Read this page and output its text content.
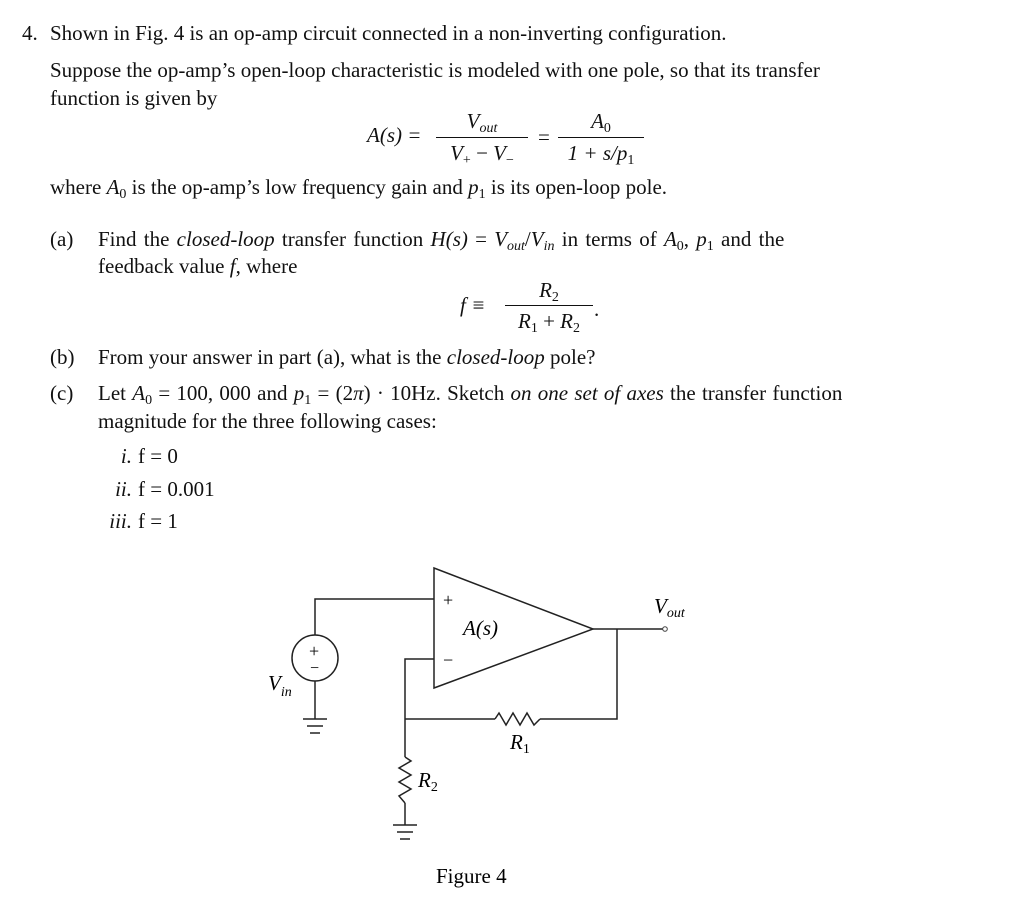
4. Shown in Fig. 4 is an op-amp circuit connected in a non-inverting configuration.
Suppose the op-amp’s open-loop characteristic is modeled with one pole, so that its transfer
function is given by
A(s) =
$V_{out}$
$V_+ - V_-$
=
$A_0$
$1 + s/p_1$
where $A_0$ is the op-amp’s low frequency gain and $p_1$ is its open-loop pole.
(a) Find the closed-loop transfer function $H(s) = V_{out}/V_{in}$ in terms of $A_0$, $p_1$ and the
feedback value f, where
f ≡
$R_2$
$R_1 + R_2$
.
(b) From your answer in part (a), what is the closed-loop pole?
(c) Let $A_0 = 100$, 000 and $p_1 = (2\pi) \cdot 10Hz$. Sketch on one set of axes the transfer function
magnitude for the three following cases:
i. f = 0
ii. f = 0.001
iii. f = 1
+
−
+
−
A(s)
Vout
$V_{in}$
R1
R2
Figure 4
